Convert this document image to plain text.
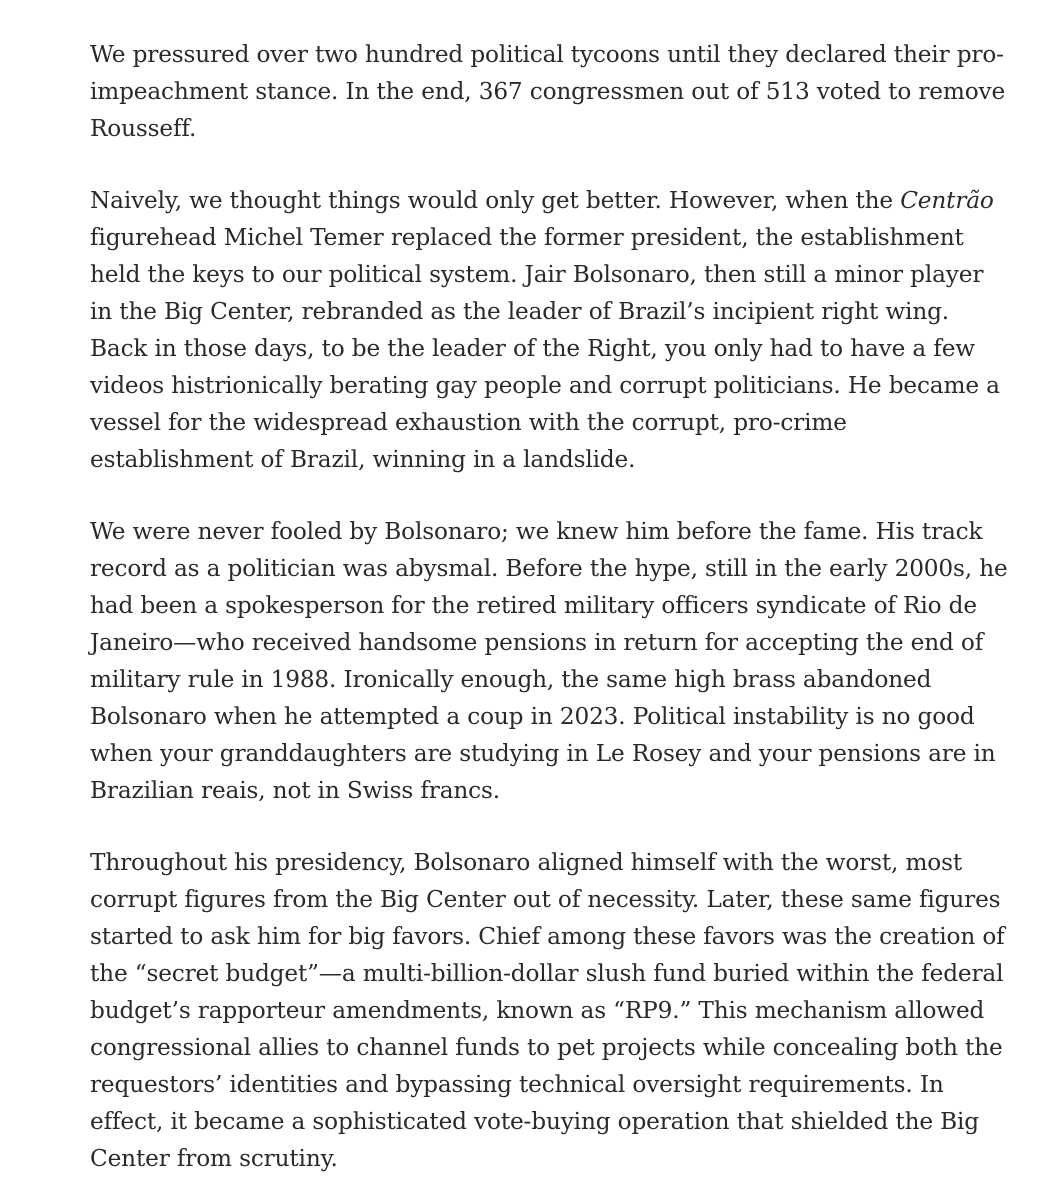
We pressured over two hundred political tycoons until they declared their pro-impeachment stance. In the end, 367 congressmen out of 513 voted to remove Rousseff.

Naively, we thought things would only get better. However, when the Centrão figurehead Michel Temer replaced the former president, the establishment held the keys to our political system. Jair Bolsonaro, then still a minor player in the Big Center, rebranded as the leader of Brazil’s incipient right wing. Back in those days, to be the leader of the Right, you only had to have a few videos histrionically berating gay people and corrupt politicians. He became a vessel for the widespread exhaustion with the corrupt, pro-crime establishment of Brazil, winning in a landslide.

We were never fooled by Bolsonaro; we knew him before the fame. His track record as a politician was abysmal. Before the hype, still in the early 2000s, he had been a spokesperson for the retired military officers syndicate of Rio de Janeiro—who received handsome pensions in return for accepting the end of military rule in 1988. Ironically enough, the same high brass abandoned Bolsonaro when he attempted a coup in 2023. Political instability is no good when your granddaughters are studying in Le Rosey and your pensions are in Brazilian reais, not in Swiss francs.

Throughout his presidency, Bolsonaro aligned himself with the worst, most corrupt figures from the Big Center out of necessity. Later, these same figures started to ask him for big favors. Chief among these favors was the creation of the “secret budget”—a multi-billion-dollar slush fund buried within the federal budget’s rapporteur amendments, known as “RP9.” This mechanism allowed congressional allies to channel funds to pet projects while concealing both the requestors’ identities and bypassing technical oversight requirements. In effect, it became a sophisticated vote-buying operation that shielded the Big Center from scrutiny.
